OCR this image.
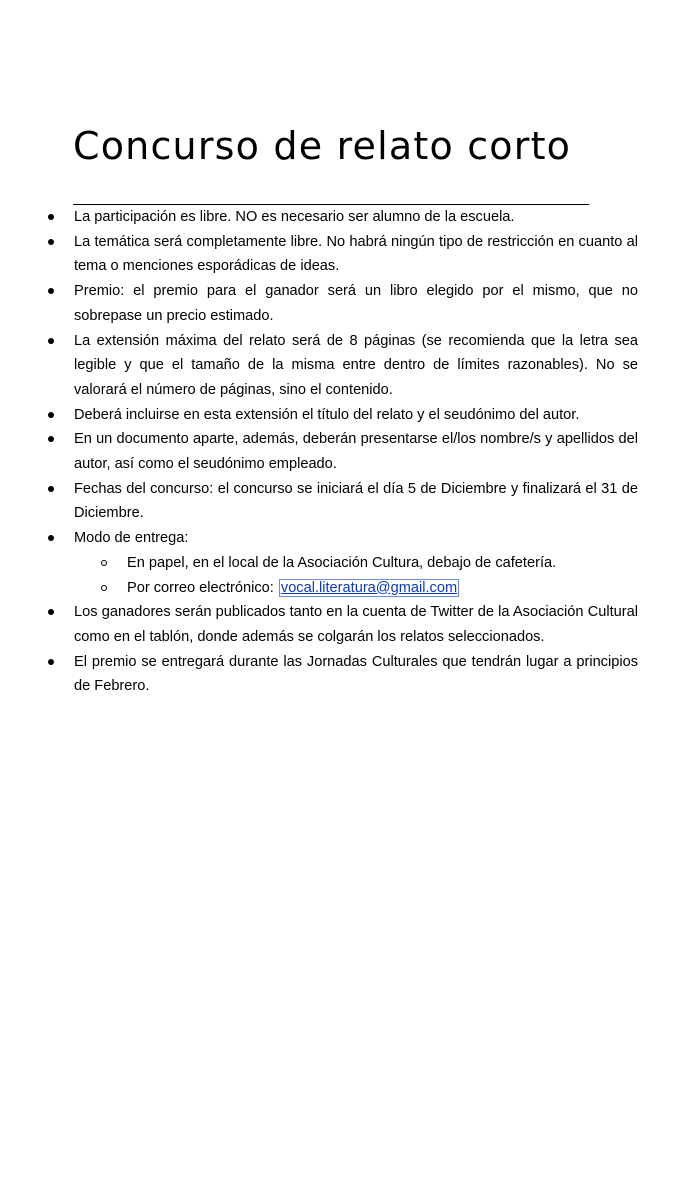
Concurso de relato corto
La participación es libre. NO es necesario ser alumno de la escuela.
La temática será completamente libre. No habrá ningún tipo de restricción en cuanto al tema o menciones esporádicas de ideas.
Premio: el premio para el ganador será un libro elegido por el mismo, que no sobrepase un precio estimado.
La extensión máxima del relato será de 8 páginas (se recomienda que la letra sea legible y que el tamaño de la misma entre dentro de límites razonables). No se valorará el número de páginas, sino el contenido.
Deberá incluirse en esta extensión el título del relato y el seudónimo del autor.
En un documento aparte, además, deberán presentarse el/los nombre/s y apellidos del autor, así como el seudónimo empleado.
Fechas del concurso: el concurso se iniciará el día 5 de Diciembre y finalizará el 31 de Diciembre.
Modo de entrega:
En papel, en el local de la Asociación Cultura, debajo de cafetería.
Por correo electrónico: vocal.literatura@gmail.com
Los ganadores serán publicados tanto en la cuenta de Twitter de la Asociación Cultural como en el tablón, donde además se colgarán los relatos seleccionados.
El premio se entregará durante las Jornadas Culturales que tendrán lugar a principios de Febrero.
